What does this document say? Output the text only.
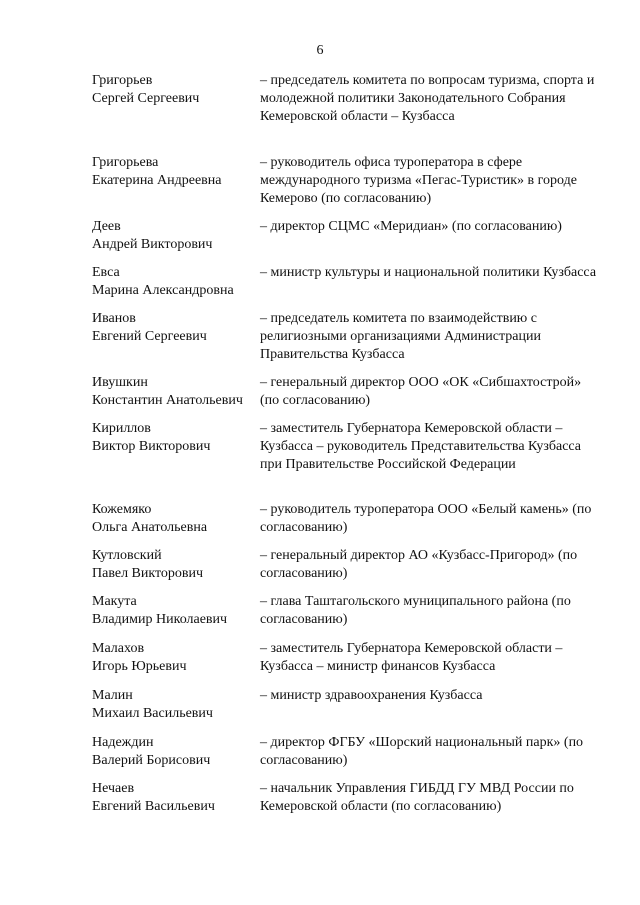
6
Григорьев
Сергей Сергеевич
– председатель комитета по вопросам туризма, спорта и молодежной политики Законодательного Собрания Кемеровской области – Кузбасса
Григорьева
Екатерина Андреевна
– руководитель офиса туроператора в сфере международного туризма «Пегас-Туристик» в городе Кемерово (по согласованию)
Деев
Андрей Викторович
– директор СЦМС «Меридиан» (по согласованию)
Евса
Марина Александровна
– министр культуры и национальной политики Кузбасса
Иванов
Евгений Сергеевич
– председатель комитета по взаимодействию с религиозными организациями Администрации Правительства Кузбасса
Ивушкин
Константин Анатольевич
– генеральный директор ООО «ОК «Сибшахтострой» (по согласованию)
Кириллов
Виктор Викторович
– заместитель Губернатора Кемеровской области – Кузбасса – руководитель Представительства Кузбасса при Правительстве Российской Федерации
Кожемяко
Ольга Анатольевна
– руководитель туроператора ООО «Белый камень» (по согласованию)
Кутловский
Павел Викторович
– генеральный директор АО «Кузбасс-Пригород» (по согласованию)
Макута
Владимир Николаевич
– глава Таштагольского муниципального района (по согласованию)
Малахов
Игорь Юрьевич
– заместитель Губернатора Кемеровской области – Кузбасса – министр финансов Кузбасса
Малин
Михаил Васильевич
– министр здравоохранения Кузбасса
Надеждин
Валерий Борисович
– директор ФГБУ «Шорский национальный парк» (по согласованию)
Нечаев
Евгений Васильевич
– начальник Управления ГИБДД ГУ МВД России по Кемеровской области (по согласованию)
